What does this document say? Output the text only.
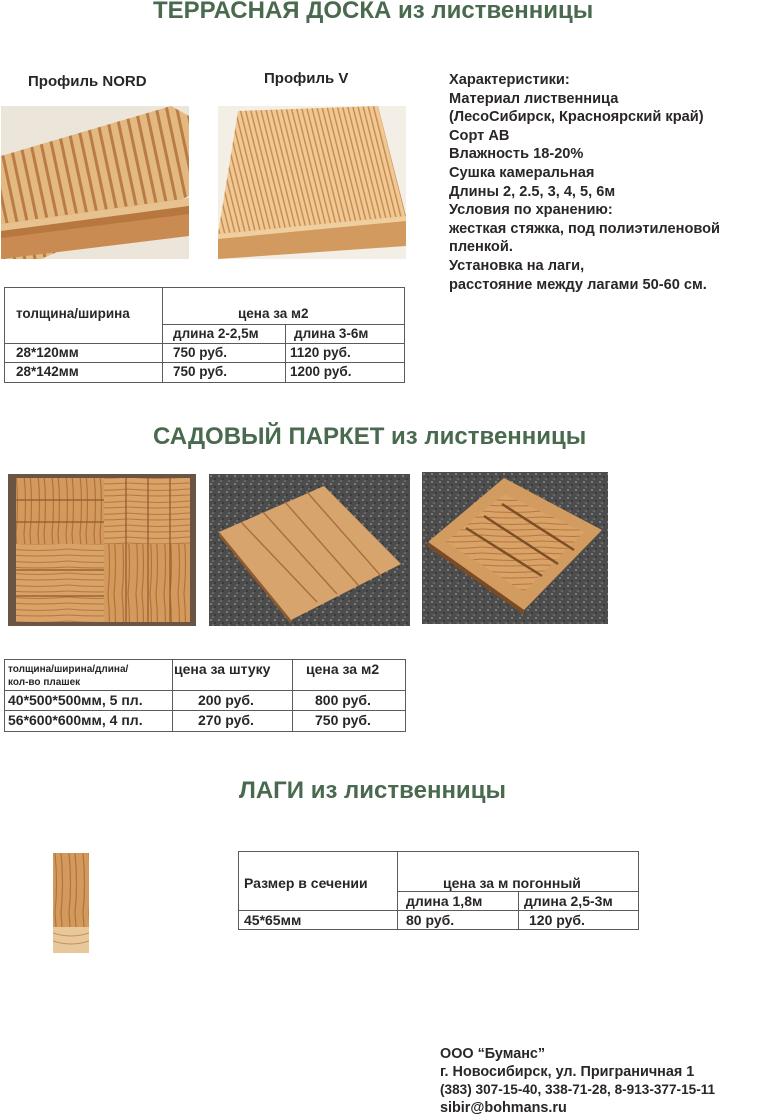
ТЕРРАСНАЯ ДОСКА из лиственницы
Профиль NORD	Профиль V	Характеристики:
Материал лиственница
(ЛесоСибирск, Красноярский край)
Сорт АВ
Влажность 18-20%
Сушка камеральная
Длины 2, 2.5, 3, 4, 5, 6м
Условия по хранению:
жесткая стяжка, под полиэтиленовой
пленкой.
Установка на лаги,
расстояние между лагами 50-60 см.
толщина/ширина	цена за м2
длина 2-2,5м	длина 3-6м
28*120мм	750 руб.	1120 руб.
28*142мм	750 руб.	1200 руб.
САДОВЫЙ ПАРКЕТ из лиственницы
толщина/ширина/длина/
кол-во плашек
цена за штуку	цена за м2
40*500*500мм, 5 пл.	200 руб.	800 руб.
56*600*600мм, 4 пл.	270 руб.	750 руб.
ЛАГИ из лиственницы
Размер в сечении	цена за м погонный
длина 1,8м	длина 2,5-3м
45*65мм	80 руб.	120 руб.
ООО “Буманс”
г. Новосибирск, ул. Приграничная 1
(383) 307-15-40, 338-71-28, 8-913-377-15-11
sibir@bohmans.ru
